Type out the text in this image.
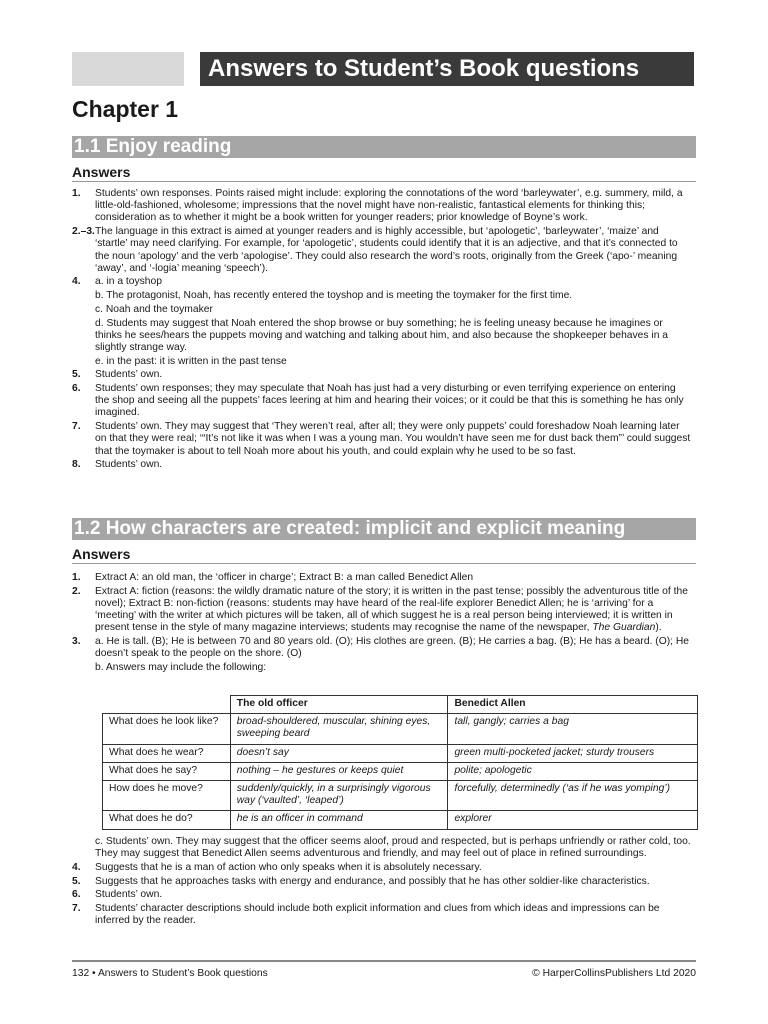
Answers to Student’s Book questions
Chapter 1
1.1 Enjoy reading
Answers
1.	Students’ own responses. Points raised might include: exploring the connotations of the word ‘barleywater’, e.g. summery, mild, a little-old-fashioned, wholesome; impressions that the novel might have non-realistic, fantastical elements for thinking this; consideration as to whether it might be a book written for younger readers; prior knowledge of Boyne’s work.
2.–3. The language in this extract is aimed at younger readers and is highly accessible, but ‘apologetic’, ‘barleywater’, ‘maize’ and ‘startle’ may need clarifying. For example, for ‘apologetic’, students could identify that it is an adjective, and that it’s connected to the noun ‘apology’ and the verb ‘apologise’. They could also research the word’s roots, originally from the Greek (‘apo-’ meaning ‘away’, and ‘-logia’ meaning ‘speech’).
4.	a. in a toyshop
b. The protagonist, Noah, has recently entered the toyshop and is meeting the toymaker for the first time.
c. Noah and the toymaker
d. Students may suggest that Noah entered the shop browse or buy something; he is feeling uneasy because he imagines or thinks he sees/hears the puppets moving and watching and talking about him, and also because the shopkeeper behaves in a slightly strange way.
e. in the past: it is written in the past tense
5.	Students’ own.
6.	Students’ own responses; they may speculate that Noah has just had a very disturbing or even terrifying experience on entering the shop and seeing all the puppets’ faces leering at him and hearing their voices; or it could be that this is something he has only imagined.
7.	Students’ own. They may suggest that ‘They weren’t real, after all; they were only puppets’ could foreshadow Noah learning later on that they were real; ‘“It’s not like it was when I was a young man. You wouldn’t have seen me for dust back them”’ could suggest that the toymaker is about to tell Noah more about his youth, and could explain why he used to be so fast.
8.	Students’ own.
1.2 How characters are created: implicit and explicit meaning
Answers
1.	Extract A: an old man, the ‘officer in charge’; Extract B: a man called Benedict Allen
2.	Extract A: fiction (reasons: the wildly dramatic nature of the story; it is written in the past tense; possibly the adventurous title of the novel); Extract B: non-fiction (reasons: students may have heard of the real-life explorer Benedict Allen; he is ‘arriving’ for a ‘meeting’ with the writer at which pictures will be taken, all of which suggest he is a real person being interviewed; it is written in present tense in the style of many magazine interviews; students may recognise the name of the newspaper, The Guardian).
3.	a. He is tall. (B); He is between 70 and 80 years old. (O); His clothes are green. (B); He carries a bag. (B); He has a beard. (O); He doesn’t speak to the people on the shore. (O)
b. Answers may include the following:
	The old officer	Benedict Allen
What does he look like?	broad-shouldered, muscular, shining eyes, sweeping beard	tall, gangly; carries a bag
What does he wear?	doesn’t say	green multi-pocketed jacket; sturdy trousers
What does he say?	nothing – he gestures or keeps quiet	polite; apologetic
How does he move?	suddenly/quickly, in a surprisingly vigorous way (‘vaulted’, ‘leaped’)	forcefully, determinedly (‘as if he was yomping’)
What does he do?	he is an officer in command	explorer
c. Students’ own. They may suggest that the officer seems aloof, proud and respected, but is perhaps unfriendly or rather cold, too. They may suggest that Benedict Allen seems adventurous and friendly, and may feel out of place in refined surroundings.
4.	Suggests that he is a man of action who only speaks when it is absolutely necessary.
5.	Suggests that he approaches tasks with energy and endurance, and possibly that he has other soldier-like characteristics.
6.	Students’ own.
7.	Students’ character descriptions should include both explicit information and clues from which ideas and impressions can be inferred by the reader.
132 • Answers to Student’s Book questions	© HarperCollinsPublishers Ltd 2020
